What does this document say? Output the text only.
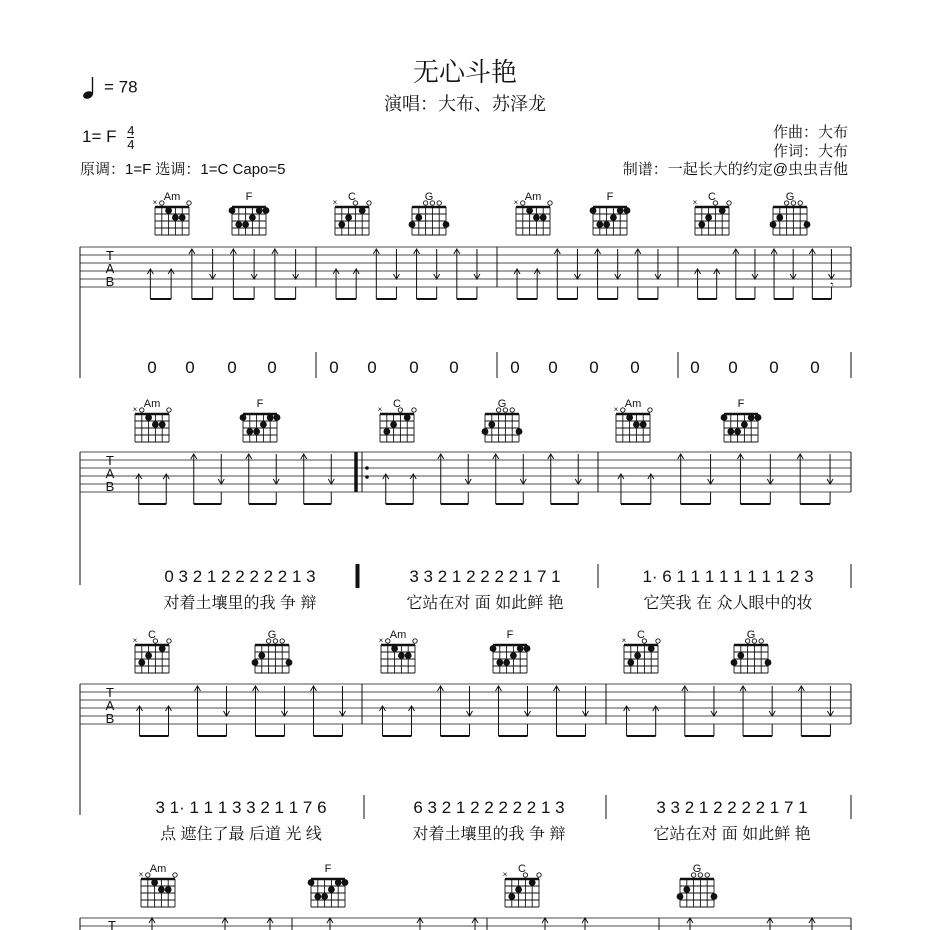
无心斗艳
演唱：大布、苏泽龙
= 78
1= F $\frac{4}{4}$
原调：1=F 选调：1=C Capo=5
作曲：大布
作词：大布
制谱：一起长大的约定@虫虫吉他
Am
×	F	C
×	G	Am
×	F	C
×	G
T
A
B	𝄾
0 0 0 0	0 0 0 0	0 0 0 0	0 0 0 0
Am
×	F	C
×	G	Am
×	F
T
A
B
0 3 2 1 2 2 2 2 2 1 3
对着土壤里的我 争 辩
3 3 2 1 2 2 2 2 1 7 1
它站在对 面 如此鲜 艳
1· 6 1 1 1 1 1 1 1 1 2 3
它笑我 在 众人眼中的妆
C
×	G	Am
×	F	C
×	G
T
A
B
3 1· 1 1 1 3 3 2 1 1 7 6
点 遮住了最 后道 光 线
6 3 2 1 2 2 2 2 2 1 3
对着土壤里的我 争 辩
3 3 2 1 2 2 2 2 1 7 1
它站在对 面 如此鲜 艳
Am
×	F	C
×	G
T
